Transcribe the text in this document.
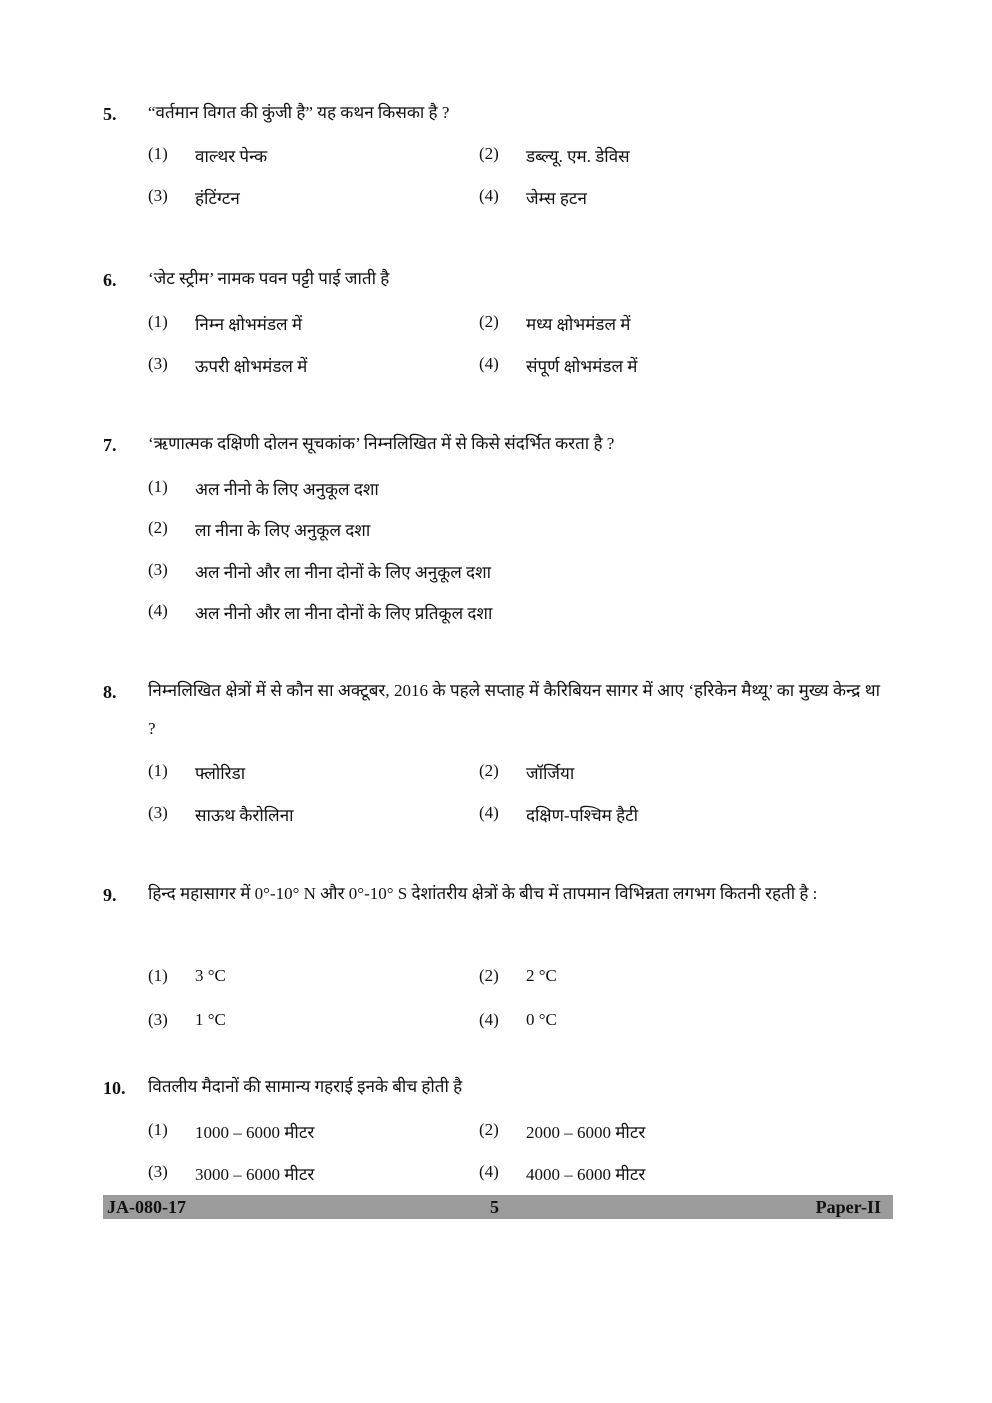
5. “वर्तमान विगत की कुंजी है” यह कथन किसका है ?
(1) वाल्थर पेन्क	(2) डब्ल्यू. एम. डेविस
(3) हंटिंग्टन	(4) जेम्स हटन
6. ‘जेट स्ट्रीम’ नामक पवन पट्टी पाई जाती है
(1) निम्न क्षोभमंडल में	(2) मध्य क्षोभमंडल में
(3) ऊपरी क्षोभमंडल में	(4) संपूर्ण क्षोभमंडल में
7. ‘ऋणात्मक दक्षिणी दोलन सूचकांक’ निम्नलिखित में से किसे संदर्भित करता है ?
(1) अल नीनो के लिए अनुकूल दशा
(2) ला नीना के लिए अनुकूल दशा
(3) अल नीनो और ला नीना दोनों के लिए अनुकूल दशा
(4) अल नीनो और ला नीना दोनों के लिए प्रतिकूल दशा
8. निम्नलिखित क्षेत्रों में से कौन सा अक्टूबर, 2016 के पहले सप्ताह में कैरिबियन सागर में आए ‘हरिकेन मैथ्यू’ का मुख्य केन्द्र था ?
(1) फ्लोरिडा	(2) जॉर्जिया
(3) साऊथ कैरोलिना	(4) दक्षिण-पश्चिम हैटी
9. हिन्द महासागर में 0°-10° N और 0°-10° S देशांतरीय क्षेत्रों के बीच में तापमान विभिन्नता लगभग कितनी रहती है :
(1) 3 °C	(2) 2 °C
(3) 1 °C	(4) 0 °C
10. वितलीय मैदानों की सामान्य गहराई इनके बीच होती है
(1) 1000 – 6000 मीटर	(2) 2000 – 6000 मीटर
(3) 3000 – 6000 मीटर	(4) 4000 – 6000 मीटर
JA-080-17	5	Paper-II
